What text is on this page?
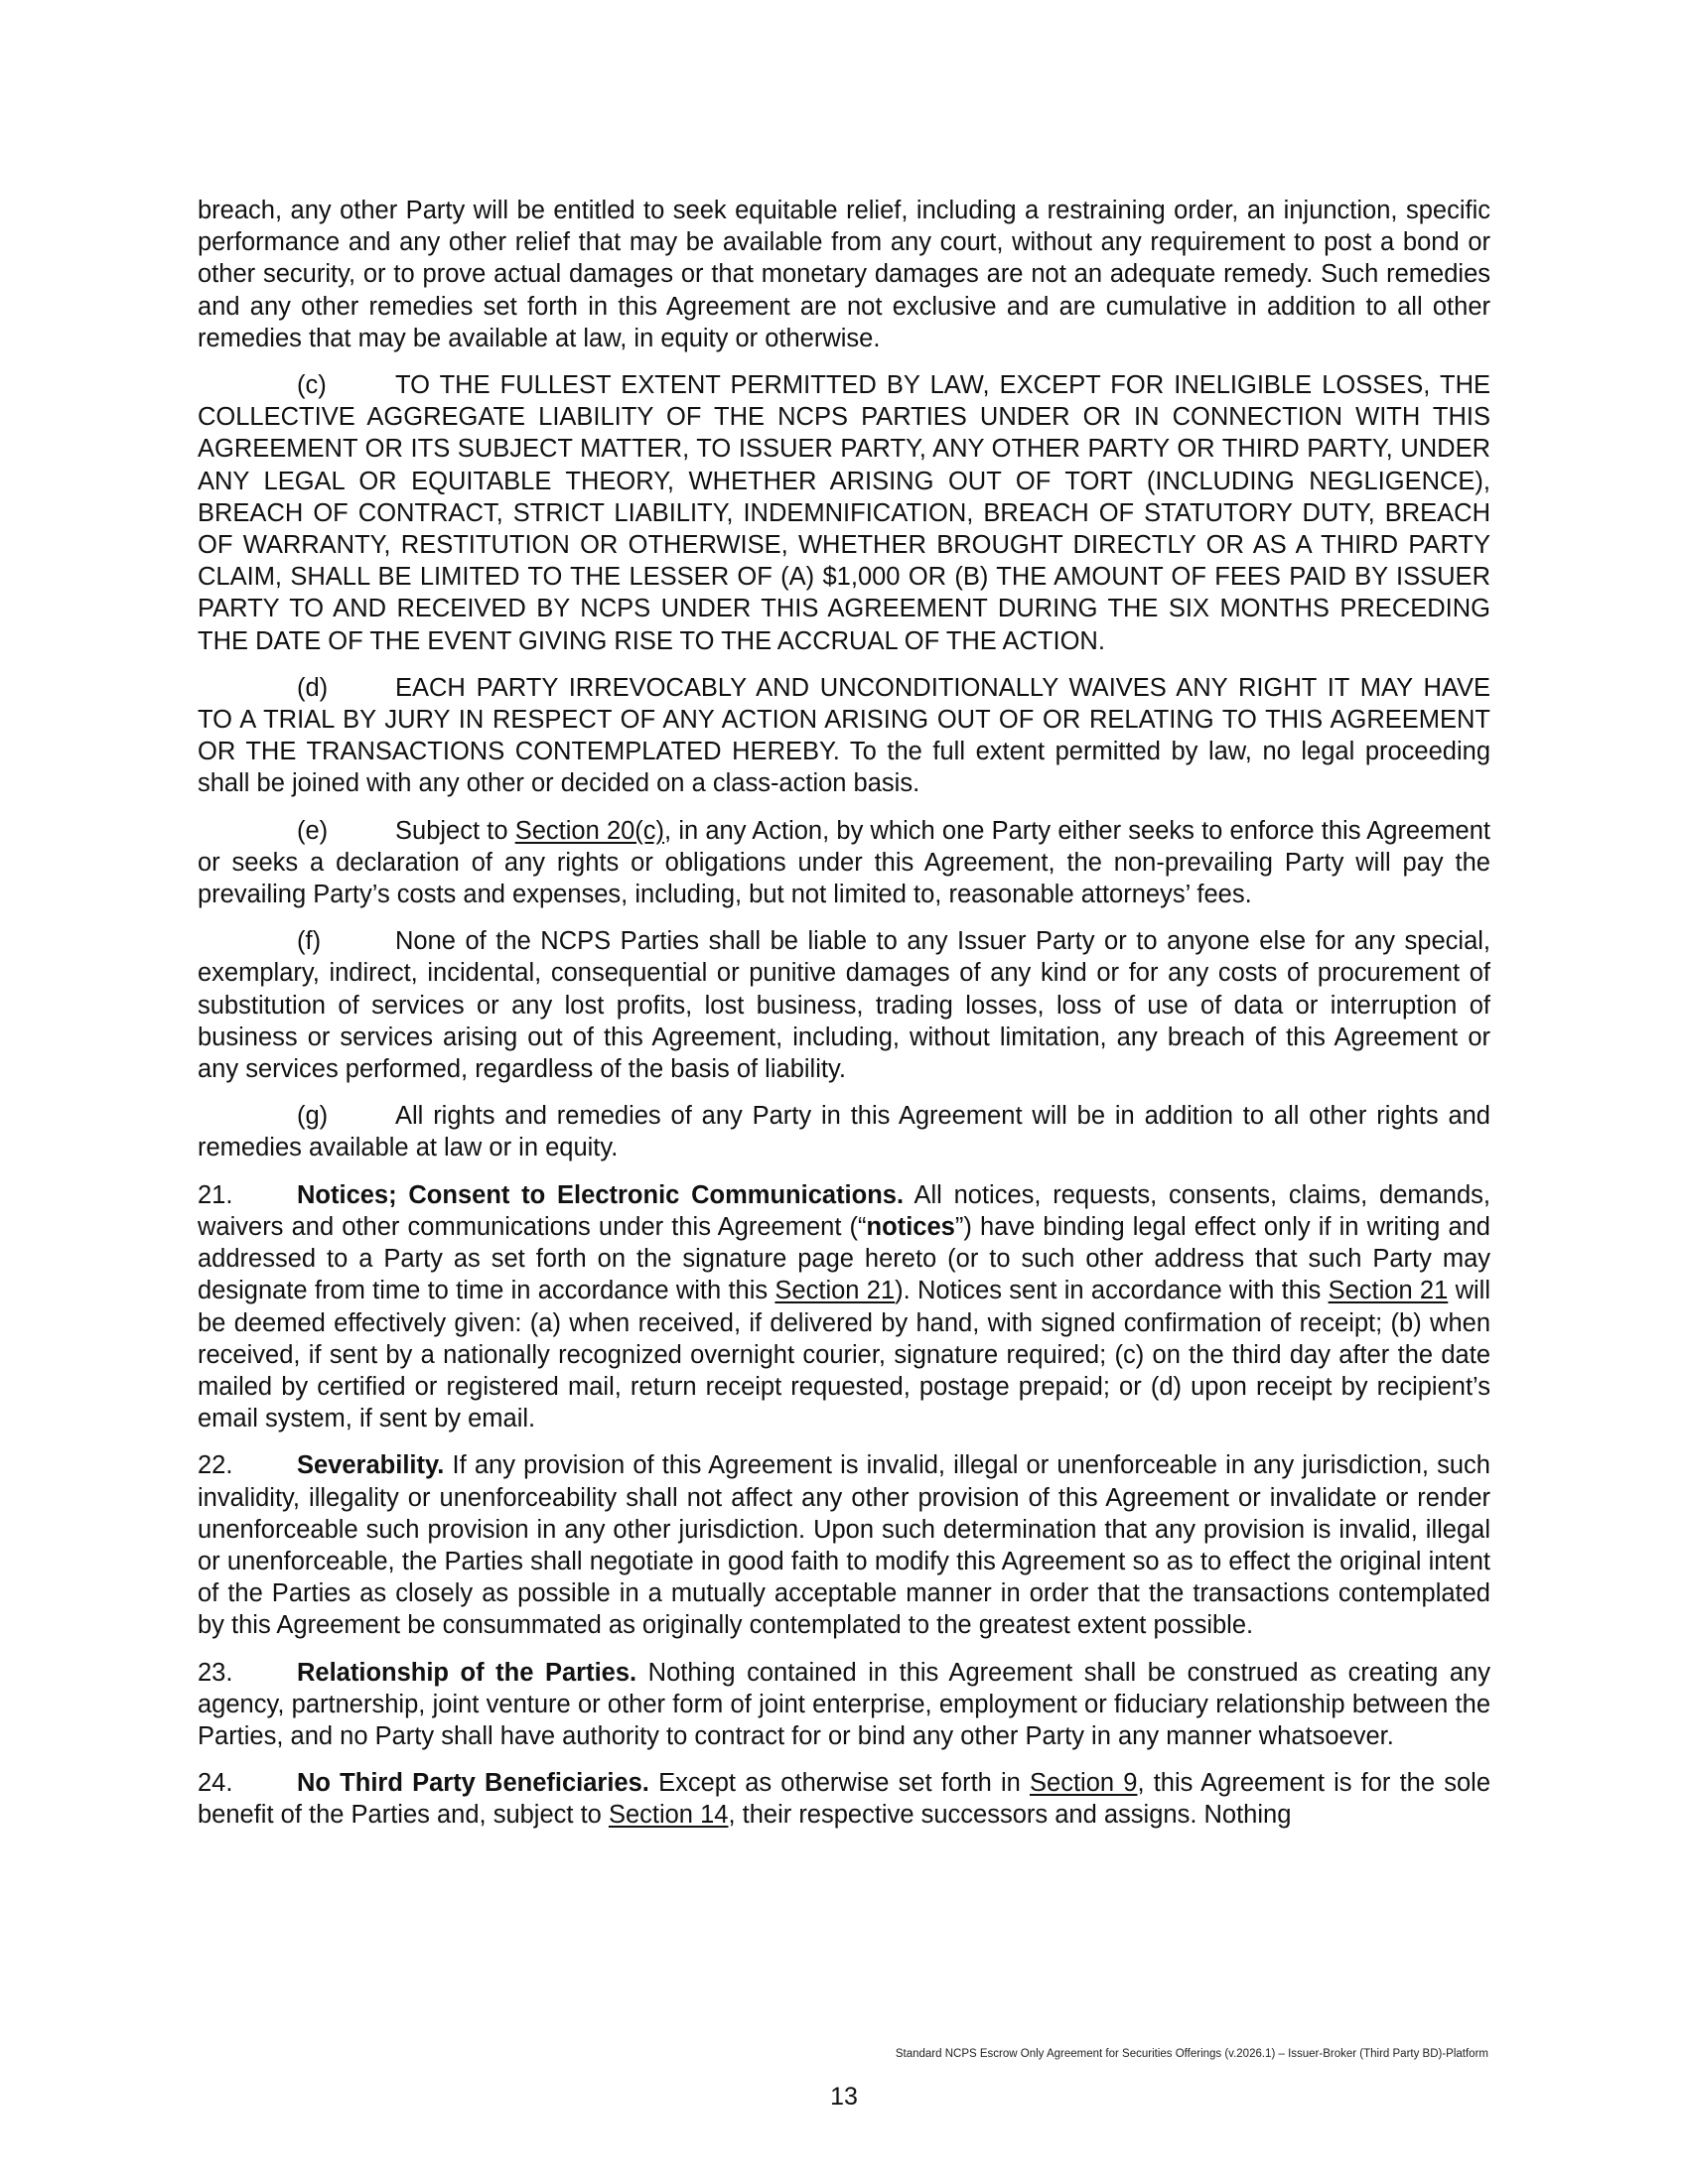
breach, any other Party will be entitled to seek equitable relief, including a restraining order, an injunction, specific performance and any other relief that may be available from any court, without any requirement to post a bond or other security, or to prove actual damages or that monetary damages are not an adequate remedy. Such remedies and any other remedies set forth in this Agreement are not exclusive and are cumulative in addition to all other remedies that may be available at law, in equity or otherwise.

(c)	TO THE FULLEST EXTENT PERMITTED BY LAW, EXCEPT FOR INELIGIBLE LOSSES, THE COLLECTIVE AGGREGATE LIABILITY OF THE NCPS PARTIES UNDER OR IN CONNECTION WITH THIS AGREEMENT OR ITS SUBJECT MATTER, TO ISSUER PARTY, ANY OTHER PARTY OR THIRD PARTY, UNDER ANY LEGAL OR EQUITABLE THEORY, WHETHER ARISING OUT OF TORT (INCLUDING NEGLIGENCE), BREACH OF CONTRACT, STRICT LIABILITY, INDEMNIFICATION, BREACH OF STATUTORY DUTY, BREACH OF WARRANTY, RESTITUTION OR OTHERWISE, WHETHER BROUGHT DIRECTLY OR AS A THIRD PARTY CLAIM, SHALL BE LIMITED TO THE LESSER OF (A) $1,000 OR (B) THE AMOUNT OF FEES PAID BY ISSUER PARTY TO AND RECEIVED BY NCPS UNDER THIS AGREEMENT DURING THE SIX MONTHS PRECEDING THE DATE OF THE EVENT GIVING RISE TO THE ACCRUAL OF THE ACTION.

(d)	EACH PARTY IRREVOCABLY AND UNCONDITIONALLY WAIVES ANY RIGHT IT MAY HAVE TO A TRIAL BY JURY IN RESPECT OF ANY ACTION ARISING OUT OF OR RELATING TO THIS AGREEMENT OR THE TRANSACTIONS CONTEMPLATED HEREBY. To the full extent permitted by law, no legal proceeding shall be joined with any other or decided on a class-action basis.

(e)	Subject to Section 20(c), in any Action, by which one Party either seeks to enforce this Agreement or seeks a declaration of any rights or obligations under this Agreement, the non-prevailing Party will pay the prevailing Party’s costs and expenses, including, but not limited to, reasonable attorneys’ fees.

(f)	None of the NCPS Parties shall be liable to any Issuer Party or to anyone else for any special, exemplary, indirect, incidental, consequential or punitive damages of any kind or for any costs of procurement of substitution of services or any lost profits, lost business, trading losses, loss of use of data or interruption of business or services arising out of this Agreement, including, without limitation, any breach of this Agreement or any services performed, regardless of the basis of liability.

(g)	All rights and remedies of any Party in this Agreement will be in addition to all other rights and remedies available at law or in equity.

21.	Notices; Consent to Electronic Communications. All notices, requests, consents, claims, demands, waivers and other communications under this Agreement (“notices”) have binding legal effect only if in writing and addressed to a Party as set forth on the signature page hereto (or to such other address that such Party may designate from time to time in accordance with this Section 21). Notices sent in accordance with this Section 21 will be deemed effectively given: (a) when received, if delivered by hand, with signed confirmation of receipt; (b) when received, if sent by a nationally recognized overnight courier, signature required; (c) on the third day after the date mailed by certified or registered mail, return receipt requested, postage prepaid; or (d) upon receipt by recipient’s email system, if sent by email.

22.	Severability. If any provision of this Agreement is invalid, illegal or unenforceable in any jurisdiction, such invalidity, illegality or unenforceability shall not affect any other provision of this Agreement or invalidate or render unenforceable such provision in any other jurisdiction. Upon such determination that any provision is invalid, illegal or unenforceable, the Parties shall negotiate in good faith to modify this Agreement so as to effect the original intent of the Parties as closely as possible in a mutually acceptable manner in order that the transactions contemplated by this Agreement be consummated as originally contemplated to the greatest extent possible.

23.	Relationship of the Parties. Nothing contained in this Agreement shall be construed as creating any agency, partnership, joint venture or other form of joint enterprise, employment or fiduciary relationship between the Parties, and no Party shall have authority to contract for or bind any other Party in any manner whatsoever.

24.	No Third Party Beneficiaries. Except as otherwise set forth in Section 9, this Agreement is for the sole benefit of the Parties and, subject to Section 14, their respective successors and assigns. Nothing

Standard NCPS Escrow Only Agreement for Securities Offerings (v.2026.1) – Issuer-Broker (Third Party BD)-Platform
13
